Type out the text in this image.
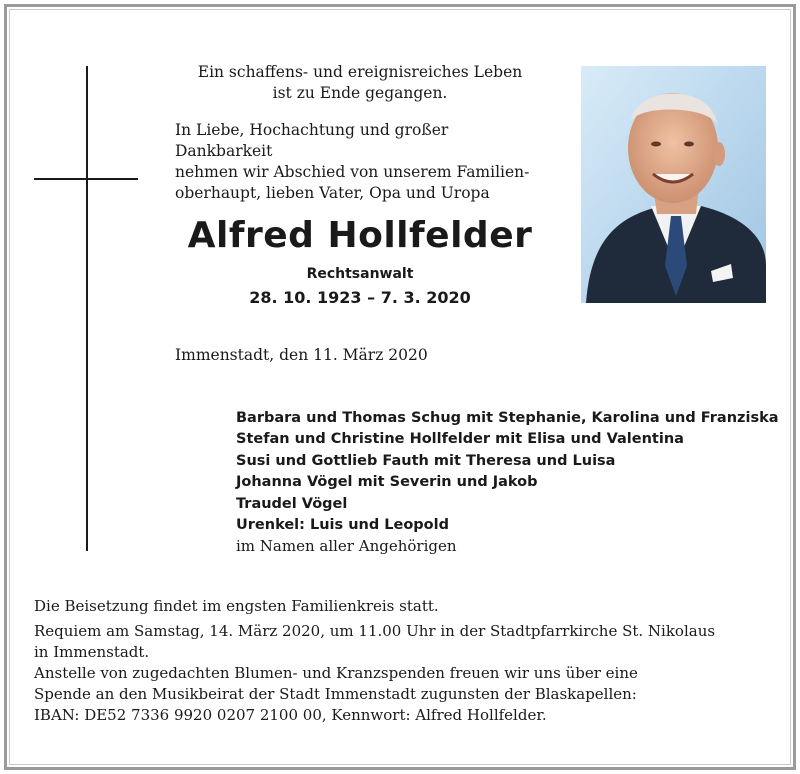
Ein schaffens- und ereignisreiches Leben
ist zu Ende gegangen.
In Liebe, Hochachtung und großer Dankbarkeit
nehmen wir Abschied von unserem Familien-
oberhaupt, lieben Vater, Opa und Uropa
Alfred Hollfelder
Rechtsanwalt
28. 10. 1923 – 7. 3. 2020
Immenstadt, den 11. März 2020
Barbara und Thomas Schug mit Stephanie, Karolina und Franziska
Stefan und Christine Hollfelder mit Elisa und Valentina
Susi und Gottlieb Fauth mit Theresa und Luisa
Johanna Vögel mit Severin und Jakob
Traudel Vögel
Urenkel: Luis und Leopold
im Namen aller Angehörigen
Die Beisetzung findet im engsten Familienkreis statt.
Requiem am Samstag, 14. März 2020, um 11.00 Uhr in der Stadtpfarrkirche St. Nikolaus
in Immenstadt.
Anstelle von zugedachten Blumen- und Kranzspenden freuen wir uns über eine
Spende an den Musikbeirat der Stadt Immenstadt zugunsten der Blaskapellen:
IBAN: DE52 7336 9920 0207 2100 00, Kennwort: Alfred Hollfelder.
